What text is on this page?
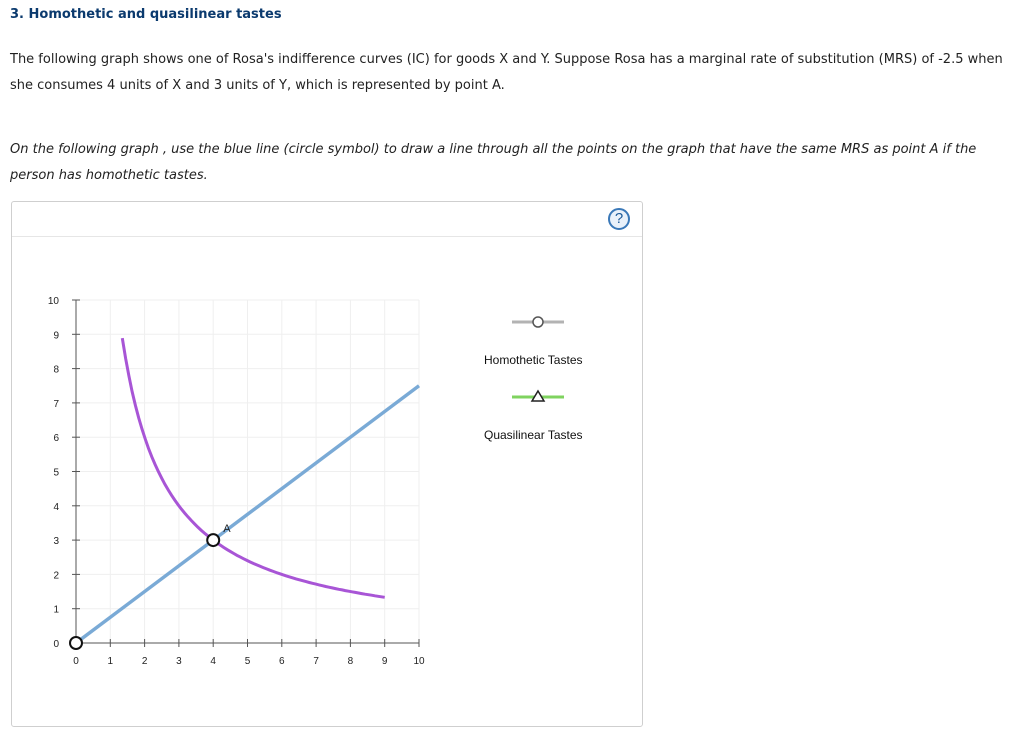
3. Homothetic and quasilinear tastes
The following graph shows one of Rosa's indifference curves (IC) for goods X and Y. Suppose Rosa has a marginal rate of substitution (MRS) of -2.5 when she consumes 4 units of X and 3 units of Y, which is represented by point A.
On the following graph , use the blue line (circle symbol) to draw a line through all the points on the graph that have the same MRS as point A if the person has homothetic tastes.
?
0	1	2	3	4	5	6	7	8	9	10
0
1
2
3
4
5
6
7
8
9
10
A
Homothetic Tastes
Quasilinear Tastes
